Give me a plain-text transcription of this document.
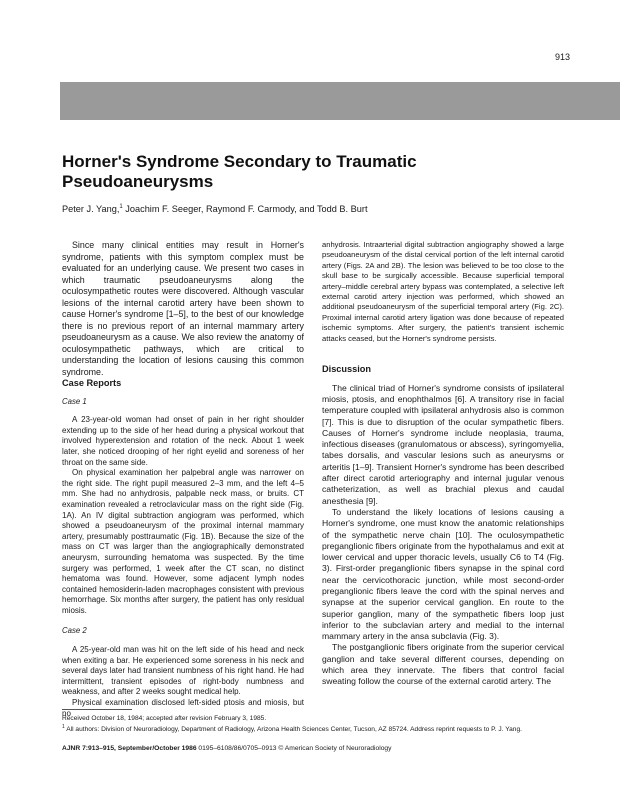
913
Horner's Syndrome Secondary to Traumatic Pseudoaneurysms
Peter J. Yang,$^1$ Joachim F. Seeger, Raymond F. Carmody, and Todd B. Burt

Since many clinical entities may result in Horner's syndrome, patients with this symptom complex must be evaluated for an underlying cause. We present two cases in which traumatic pseudoaneurysms along the oculosympathetic routes were discovered. Although vascular lesions of the internal carotid artery have been shown to cause Horner's syndrome [1–5], to the best of our knowledge there is no previous report of an internal mammary artery pseudoaneurysm as a cause. We also review the anatomy of oculosympathetic pathways, which are critical to understanding the location of lesions causing this common syndrome.

Case Reports
Case 1

A 23-year-old woman had onset of pain in her right shoulder extending up to the side of her head during a physical workout that involved hyperextension and rotation of the neck. About 1 week later, she noticed drooping of her right eyelid and soreness of her throat on the same side.

On physical examination her palpebral angle was narrower on the right side. The right pupil measured 2–3 mm, and the left 4–5 mm. She had no anhydrosis, palpable neck mass, or bruits. CT examination revealed a retroclavicular mass on the right side (Fig. 1A). An IV digital subtraction angiogram was performed, which showed a pseudoaneurysm of the proximal internal mammary artery, presumably posttraumatic (Fig. 1B). Because the size of the mass on CT was larger than the angiographically demonstrated aneurysm, surrounding hematoma was suspected. By the time surgery was performed, 1 week after the CT scan, no distinct hematoma was found. However, some adjacent lymph nodes contained hemosiderin-laden macrophages consistent with previous hemorrhage. Six months after surgery, the patient has only residual miosis.

Case 2

A 25-year-old man was hit on the left side of his head and neck when exiting a bar. He experienced some soreness in his neck and several days later had transient numbness of his right hand. He had intermittent, transient episodes of right-body numbness and weakness, and after 2 weeks sought medical help.

Physical examination disclosed left-sided ptosis and miosis, but no

anhydrosis. Intraarterial digital subtraction angiography showed a large pseudoaneurysm of the distal cervical portion of the left internal carotid artery (Figs. 2A and 2B). The lesion was believed to be too close to the skull base to be surgically accessible. Because superficial temporal artery–middle cerebral artery bypass was contemplated, a selective left external carotid artery injection was performed, which showed an additional pseudoaneurysm of the superficial temporal artery (Fig. 2C). Proximal internal carotid artery ligation was done because of repeated ischemic symptoms. After surgery, the patient's transient ischemic attacks ceased, but the Horner's syndrome persists.

Discussion

The clinical triad of Horner's syndrome consists of ipsilateral miosis, ptosis, and enophthalmos [6]. A transitory rise in facial temperature coupled with ipsilateral anhydrosis also is common [7]. This is due to disruption of the ocular sympathetic fibers. Causes of Horner's syndrome include neoplasia, trauma, infectious diseases (granulomatous or abscess), syringomyelia, tabes dorsalis, and vascular lesions such as aneurysms or arteritis [1–9]. Transient Horner's syndrome has been described after direct carotid arteriography and internal jugular venous catheterization, as well as brachial plexus and caudal anesthesia [9].

To understand the likely locations of lesions causing a Horner's syndrome, one must know the anatomic relationships of the sympathetic nerve chain [10]. The oculosympathetic preganglionic fibers originate from the hypothalamus and exit at lower cervical and upper thoracic levels, usually C6 to T4 (Fig. 3). First-order preganglionic fibers synapse in the spinal cord near the cervicothoracic junction, while most second-order preganglionic fibers leave the cord with the spinal nerves and synapse at the superior cervical ganglion. En route to the superior ganglion, many of the sympathetic fibers loop just inferior to the subclavian artery and medial to the internal mammary artery in the ansa subclavia (Fig. 3).

The postganglionic fibers originate from the superior cervical ganglion and take several different courses, depending on which area they innervate. The fibers that control facial sweating follow the course of the external carotid artery. The

Received October 18, 1984; accepted after revision February 3, 1985.

$^1$ All authors: Division of Neuroradiology, Department of Radiology, Arizona Health Sciences Center, Tucson, AZ 85724. Address reprint requests to P. J. Yang.

AJNR 7:913–915, September/October 1986 0195–6108/86/0705–0913 © American Society of Neuroradiology
